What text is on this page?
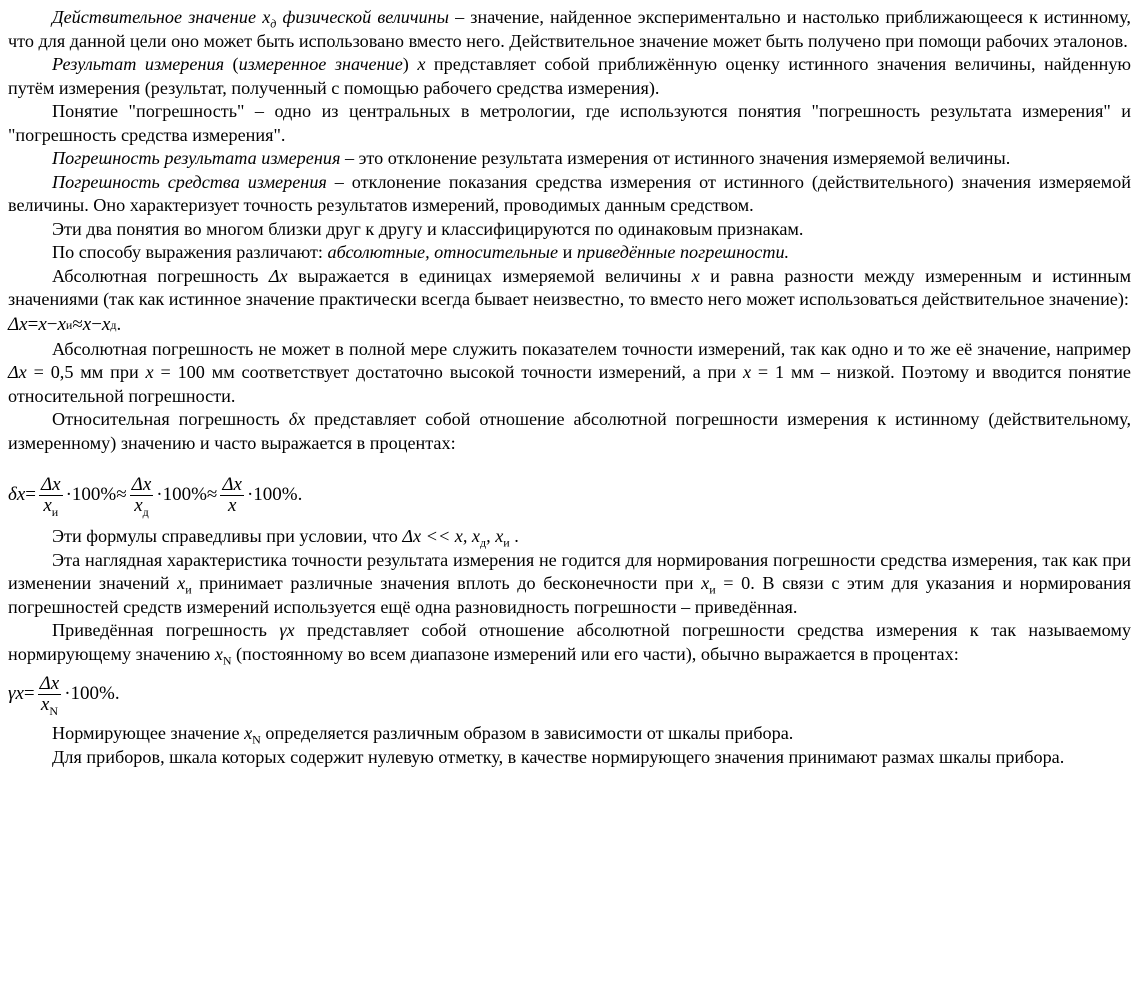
Действительное значение $x_д$ физической величины – значение, найденное экспериментально и настолько приближающееся к истинному, что для данной цели оно может быть использовано вместо него. Действительное значение может быть получено при помощи рабочих эталонов.

Результат измерения (измеренное значение) x представляет собой приближённую оценку истинного значения величины, найденную путём измерения (результат, полученный с помощью рабочего средства измерения).

Понятие "погрешность" – одно из центральных в метрологии, где используются понятия "погрешность результата измерения" и "погрешность средства измерения".

Погрешность результата измерения – это отклонение результата измерения от истинного значения измеряемой величины.

Погрешность средства измерения – отклонение показания средства измерения от истинного (действительного) значения измеряемой величины. Оно характеризует точность результатов измерений, проводимых данным средством.

Эти два понятия во многом близки друг к другу и классифицируются по одинаковым признакам.

По способу выражения различают: абсолютные, относительные и приведённые погрешности.

Абсолютная погрешность Δx выражается в единицах измеряемой величины x и равна разности между измеренным и истинным значениями (так как истинное значение практически всегда бывает неизвестно, то вместо него может использоваться действительное значение):

Δx = x − x и ≈ x − x д .

Абсолютная погрешность не может в полной мере служить показателем точности измерений, так как одно и то же её значение, например Δx = 0,5 мм при x = 100 мм соответствует достаточно высокой точности измерений, а при x = 1 мм – низкой. Поэтому и вводится понятие относительной погрешности.

Относительная погрешность δx представляет собой отношение абсолютной погрешности измерения к истинному (действительному, измеренному) значению и часто выражается в процентах:

$\delta x = \frac{\Delta x}{x_и} \cdot 100\% \approx \frac{\Delta x}{x_д} \cdot 100\% \approx \frac{\Delta x}{x} \cdot 100\%$ .

Эти формулы справедливы при условии, что Δx << x, $x_д$, $x_и$ .

Эта наглядная характеристика точности результата измерения не годится для нормирования погрешности средства измерения, так как при изменении значений $x_и$ принимает различные значения вплоть до бесконечности при $x_и = 0$. В связи с этим для указания и нормирования погрешностей средств измерений используется ещё одна разновидность погрешности – приведённая.

Приведённая погрешность γx представляет собой отношение абсолютной погрешности средства измерения к так называемому нормирующему значению $x_N$ (постоянному во всем диапазоне измерений или его части), обычно выражается в процентах:

$\gamma x = \frac{\Delta x}{x_N} \cdot 100\%$ .

Нормирующее значение $x_N$ определяется различным образом в зависимости от шкалы прибора.

Для приборов, шкала которых содержит нулевую отметку, в качестве нормирующего значения принимают размах шкалы прибора.
